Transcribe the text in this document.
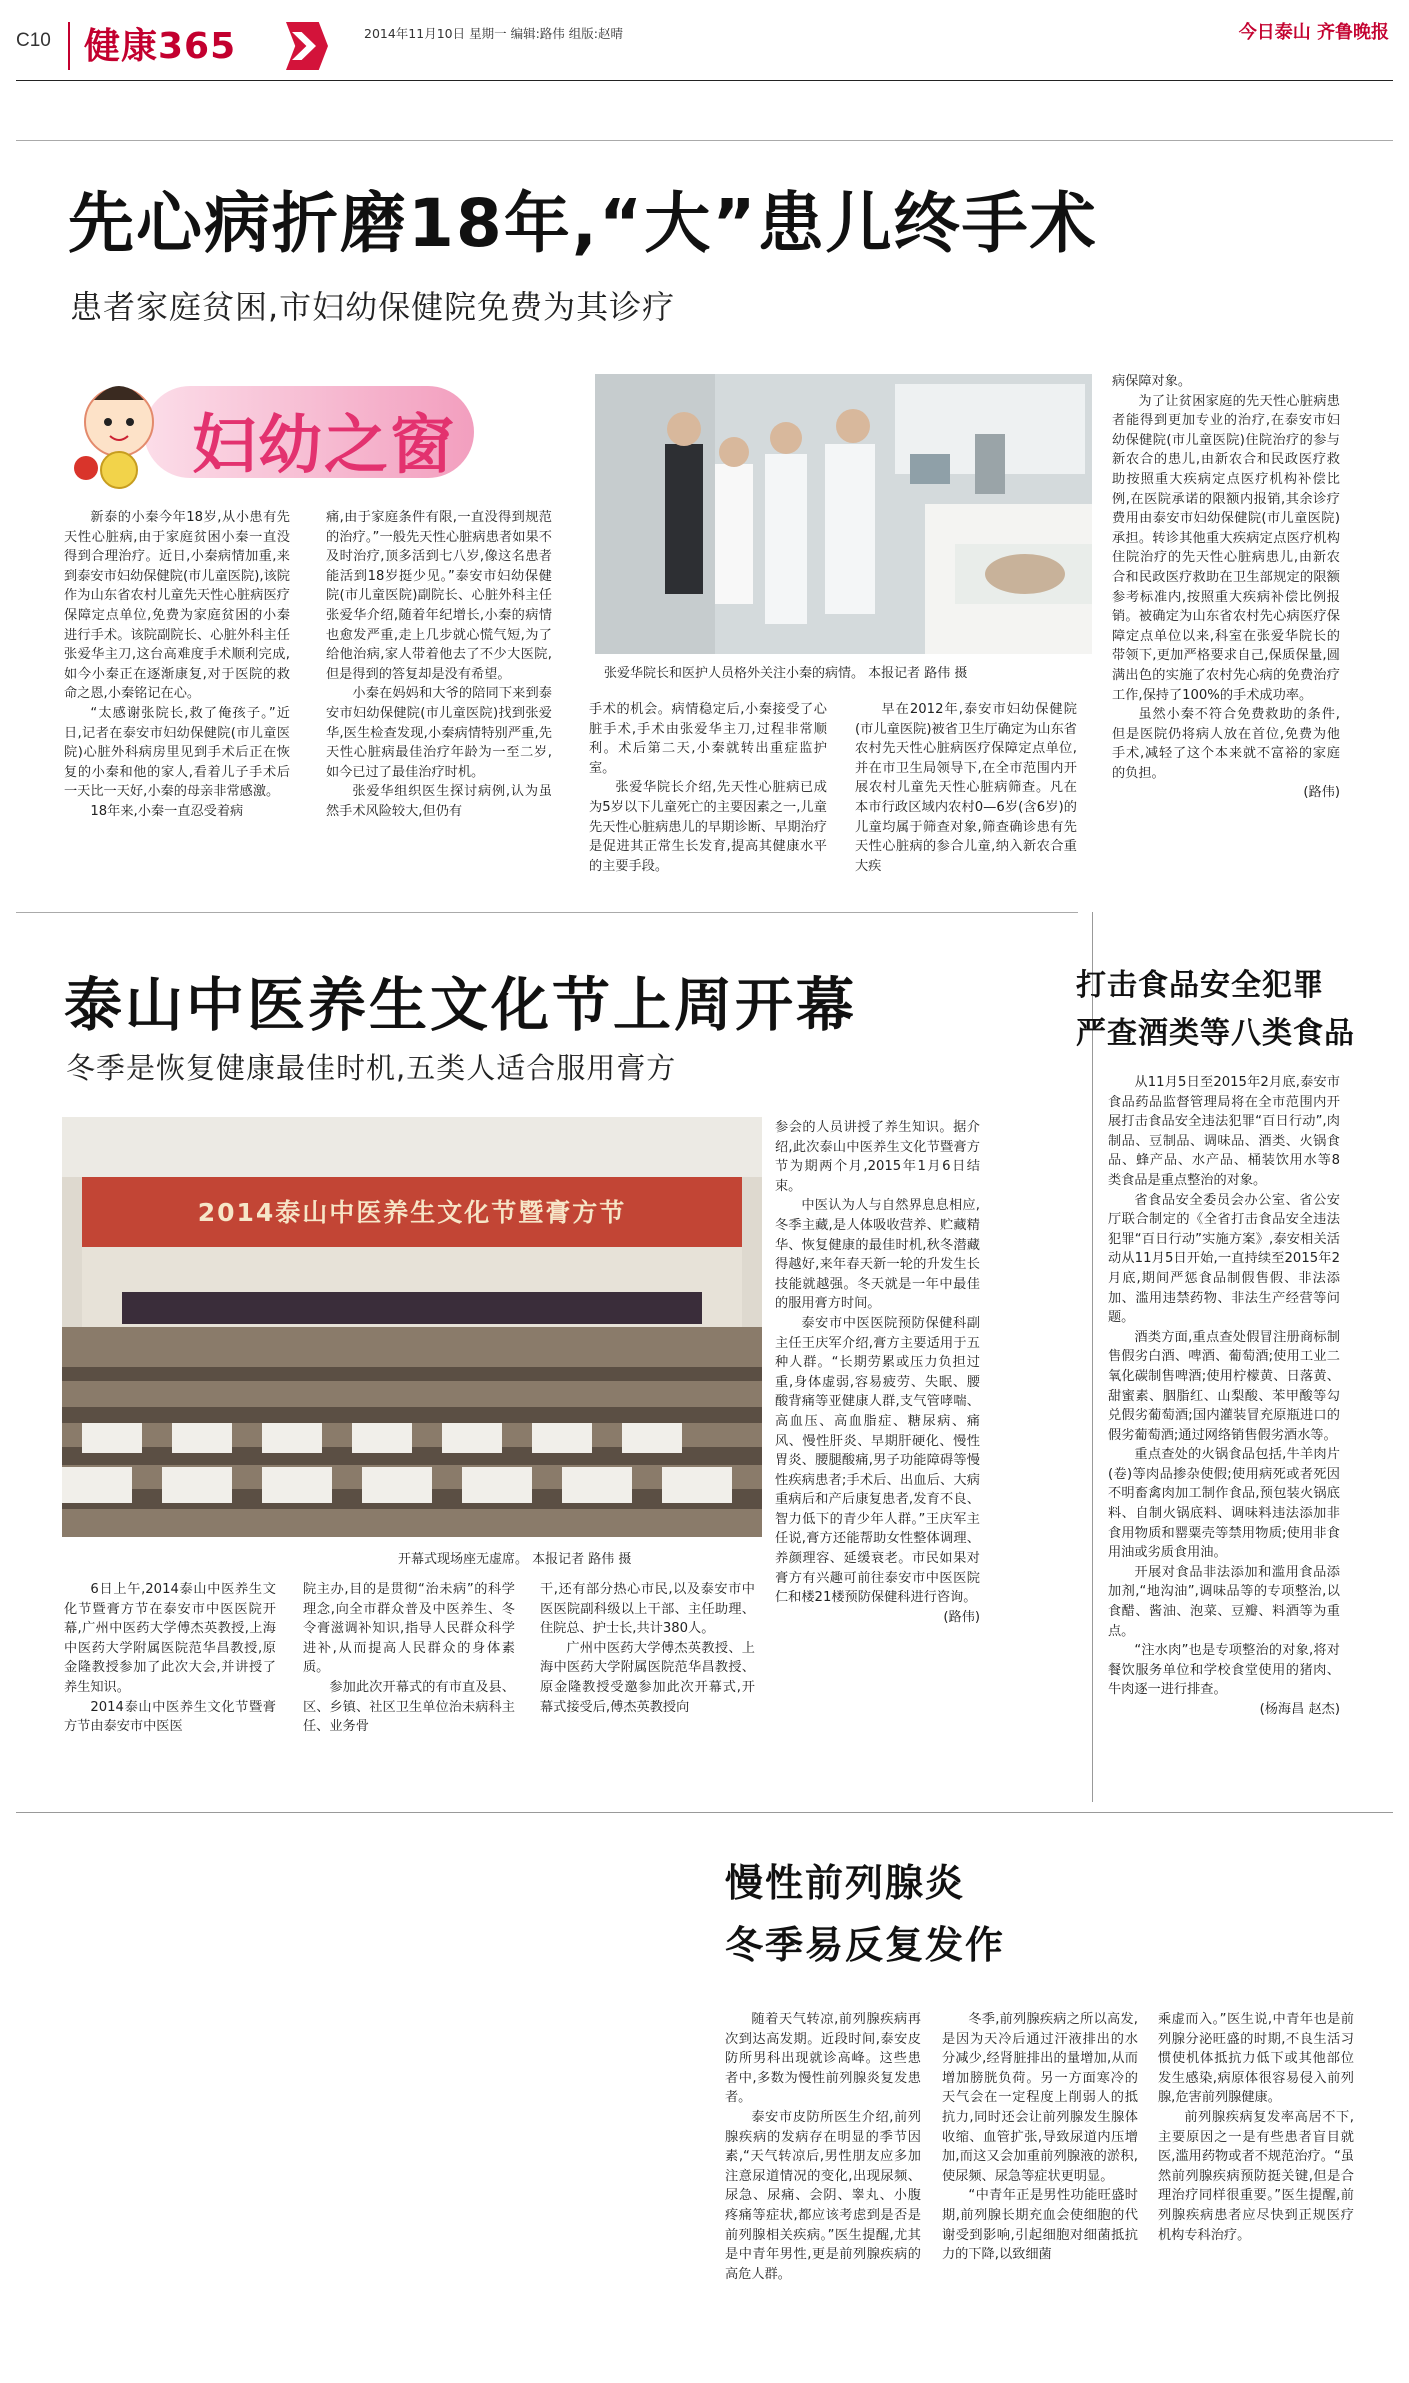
C10 健康365	2014年11月10日 星期一 编辑:路伟 组版:赵晴	今日泰山 齐鲁晚报
先心病折磨18年,“大”患儿终手术
患者家庭贫困,市妇幼保健院免费为其诊疗
妇幼之窗
张爱华院长和医护人员格外关注小秦的病情。 本报记者 路伟 摄

新泰的小秦今年18岁,从小患有先天性心脏病,由于家庭贫困小秦一直没得到合理治疗。近日,小秦病情加重,来到泰安市妇幼保健院(市儿童医院),该院作为山东省农村儿童先天性心脏病医疗保障定点单位,免费为家庭贫困的小秦进行手术。该院副院长、心脏外科主任张爱华主刀,这台高难度手术顺利完成,如今小秦正在逐渐康复,对于医院的救命之恩,小秦铭记在心。

“太感谢张院长,救了俺孩子。”近日,记者在泰安市妇幼保健院(市儿童医院)心脏外科病房里见到手术后正在恢复的小秦和他的家人,看着儿子手术后一天比一天好,小秦的母亲非常感激。

18年来,小秦一直忍受着病

痛,由于家庭条件有限,一直没得到规范的治疗。”一般先天性心脏病患者如果不及时治疗,顶多活到七八岁,像这名患者能活到18岁挺少见。”泰安市妇幼保健院(市儿童医院)副院长、心脏外科主任张爱华介绍,随着年纪增长,小秦的病情也愈发严重,走上几步就心慌气短,为了给他治病,家人带着他去了不少大医院,但是得到的答复却是没有希望。

小秦在妈妈和大爷的陪同下来到泰安市妇幼保健院(市儿童医院)找到张爱华,医生检查发现,小秦病情特别严重,先天性心脏病最佳治疗年龄为一至二岁,如今已过了最佳治疗时机。

张爱华组织医生探讨病例,认为虽然手术风险较大,但仍有

手术的机会。病情稳定后,小秦接受了心脏手术,手术由张爱华主刀,过程非常顺利。术后第二天,小秦就转出重症监护室。

张爱华院长介绍,先天性心脏病已成为5岁以下儿童死亡的主要因素之一,儿童先天性心脏病患儿的早期诊断、早期治疗是促进其正常生长发育,提高其健康水平的主要手段。

早在2012年,泰安市妇幼保健院(市儿童医院)被省卫生厅确定为山东省农村先天性心脏病医疗保障定点单位,并在市卫生局领导下,在全市范围内开展农村儿童先天性心脏病筛查。凡在本市行政区域内农村0—6岁(含6岁)的儿童均属于筛查对象,筛查确诊患有先天性心脏病的参合儿童,纳入新农合重大疾

病保障对象。

为了让贫困家庭的先天性心脏病患者能得到更加专业的治疗,在泰安市妇幼保健院(市儿童医院)住院治疗的参与新农合的患儿,由新农合和民政医疗救助按照重大疾病定点医疗机构补偿比例,在医院承诺的限额内报销,其余诊疗费用由泰安市妇幼保健院(市儿童医院)承担。转诊其他重大疾病定点医疗机构住院治疗的先天性心脏病患儿,由新农合和民政医疗救助在卫生部规定的限额参考标准内,按照重大疾病补偿比例报销。被确定为山东省农村先心病医疗保障定点单位以来,科室在张爱华院长的带领下,更加严格要求自己,保质保量,圆满出色的实施了农村先心病的免费治疗工作,保持了100%的手术成功率。

虽然小秦不符合免费救助的条件,但是医院仍将病人放在首位,免费为他手术,减轻了这个本来就不富裕的家庭的负担。

(路伟)

泰山中医养生文化节上周开幕
冬季是恢复健康最佳时机,五类人适合服用膏方
2014泰山中医养生文化节暨膏方节
开幕式现场座无虚席。 本报记者 路伟 摄

6日上午,2014泰山中医养生文化节暨膏方节在泰安市中医医院开幕,广州中医药大学傅杰英教授,上海中医药大学附属医院范华昌教授,原金隆教授参加了此次大会,并讲授了养生知识。

2014泰山中医养生文化节暨膏方节由泰安市中医医

院主办,目的是贯彻“治未病”的科学理念,向全市群众普及中医养生、冬令膏滋调补知识,指导人民群众科学进补,从而提高人民群众的身体素质。

参加此次开幕式的有市直及县、区、乡镇、社区卫生单位治未病科主任、业务骨

干,还有部分热心市民,以及泰安市中医医院副科级以上干部、主任助理、住院总、护士长,共计380人。

广州中医药大学傅杰英教授、上海中医药大学附属医院范华昌教授、原金隆教授受邀参加此次开幕式,开幕式接受后,傅杰英教授向

参会的人员讲授了养生知识。据介绍,此次泰山中医养生文化节暨膏方节为期两个月,2015年1月6日结束。

中医认为人与自然界息息相应,冬季主藏,是人体吸收营养、贮藏精华、恢复健康的最佳时机,秋冬潜藏得越好,来年春天新一轮的升发生长技能就越强。冬天就是一年中最佳的服用膏方时间。

泰安市中医医院预防保健科副主任王庆军介绍,膏方主要适用于五种人群。“长期劳累或压力负担过重,身体虚弱,容易疲劳、失眠、腰酸背痛等亚健康人群,支气管哮喘、高血压、高血脂症、糖尿病、痛风、慢性肝炎、早期肝硬化、慢性胃炎、腰腿酸痛,男子功能障碍等慢性疾病患者;手术后、出血后、大病重病后和产后康复患者,发育不良、智力低下的青少年人群。”王庆军主任说,膏方还能帮助女性整体调理、养颜理容、延缓衰老。市民如果对膏方有兴趣可前往泰安市中医医院仁和楼21楼预防保健科进行咨询。

(路伟)

打击食品安全犯罪
严查酒类等八类食品

从11月5日至2015年2月底,泰安市食品药品监督管理局将在全市范围内开展打击食品安全违法犯罪“百日行动”,肉制品、豆制品、调味品、酒类、火锅食品、蜂产品、水产品、桶装饮用水等8类食品是重点整治的对象。

省食品安全委员会办公室、省公安厅联合制定的《全省打击食品安全违法犯罪“百日行动”实施方案》,泰安相关活动从11月5日开始,一直持续至2015年2月底,期间严惩食品制假售假、非法添加、滥用违禁药物、非法生产经营等问题。

酒类方面,重点查处假冒注册商标制售假劣白酒、啤酒、葡萄酒;使用工业二氧化碳制售啤酒;使用柠檬黄、日落黄、甜蜜素、胭脂红、山梨酸、苯甲酸等勾兑假劣葡萄酒;国内灌装冒充原瓶进口的假劣葡萄酒;通过网络销售假劣酒水等。

重点查处的火锅食品包括,牛羊肉片(卷)等肉品掺杂使假;使用病死或者死因不明畜禽肉加工制作食品,预包装火锅底料、自制火锅底料、调味料违法添加非食用物质和罂粟壳等禁用物质;使用非食用油或劣质食用油。

开展对食品非法添加和滥用食品添加剂,“地沟油”,调味品等的专项整治,以食醋、酱油、泡菜、豆瓣、料酒等为重点。

“注水肉”也是专项整治的对象,将对餐饮服务单位和学校食堂使用的猪肉、牛肉逐一进行排查。

(杨海昌 赵杰)

慢性前列腺炎
冬季易反复发作

随着天气转凉,前列腺疾病再次到达高发期。近段时间,泰安皮防所男科出现就诊高峰。这些患者中,多数为慢性前列腺炎复发患者。

泰安市皮防所医生介绍,前列腺疾病的发病存在明显的季节因素,“天气转凉后,男性朋友应多加注意尿道情况的变化,出现尿频、尿急、尿痛、会阴、睾丸、小腹疼痛等症状,都应该考虑到是否是前列腺相关疾病。”医生提醒,尤其是中青年男性,更是前列腺疾病的高危人群。

冬季,前列腺疾病之所以高发,是因为天冷后通过汗液排出的水分减少,经肾脏排出的量增加,从而增加膀胱负荷。另一方面寒冷的天气会在一定程度上削弱人的抵抗力,同时还会让前列腺发生腺体收缩、血管扩张,导致尿道内压增加,而这又会加重前列腺液的淤积,使尿频、尿急等症状更明显。

“中青年正是男性功能旺盛时期,前列腺长期充血会使细胞的代谢受到影响,引起细胞对细菌抵抗力的下降,以致细菌

乘虚而入。”医生说,中青年也是前列腺分泌旺盛的时期,不良生活习惯使机体抵抗力低下或其他部位发生感染,病原体很容易侵入前列腺,危害前列腺健康。

前列腺疾病复发率高居不下,主要原因之一是有些患者盲目就医,滥用药物或者不规范治疗。“虽然前列腺疾病预防挺关键,但是合理治疗同样很重要。”医生提醒,前列腺疾病患者应尽快到正规医疗机构专科治疗。
